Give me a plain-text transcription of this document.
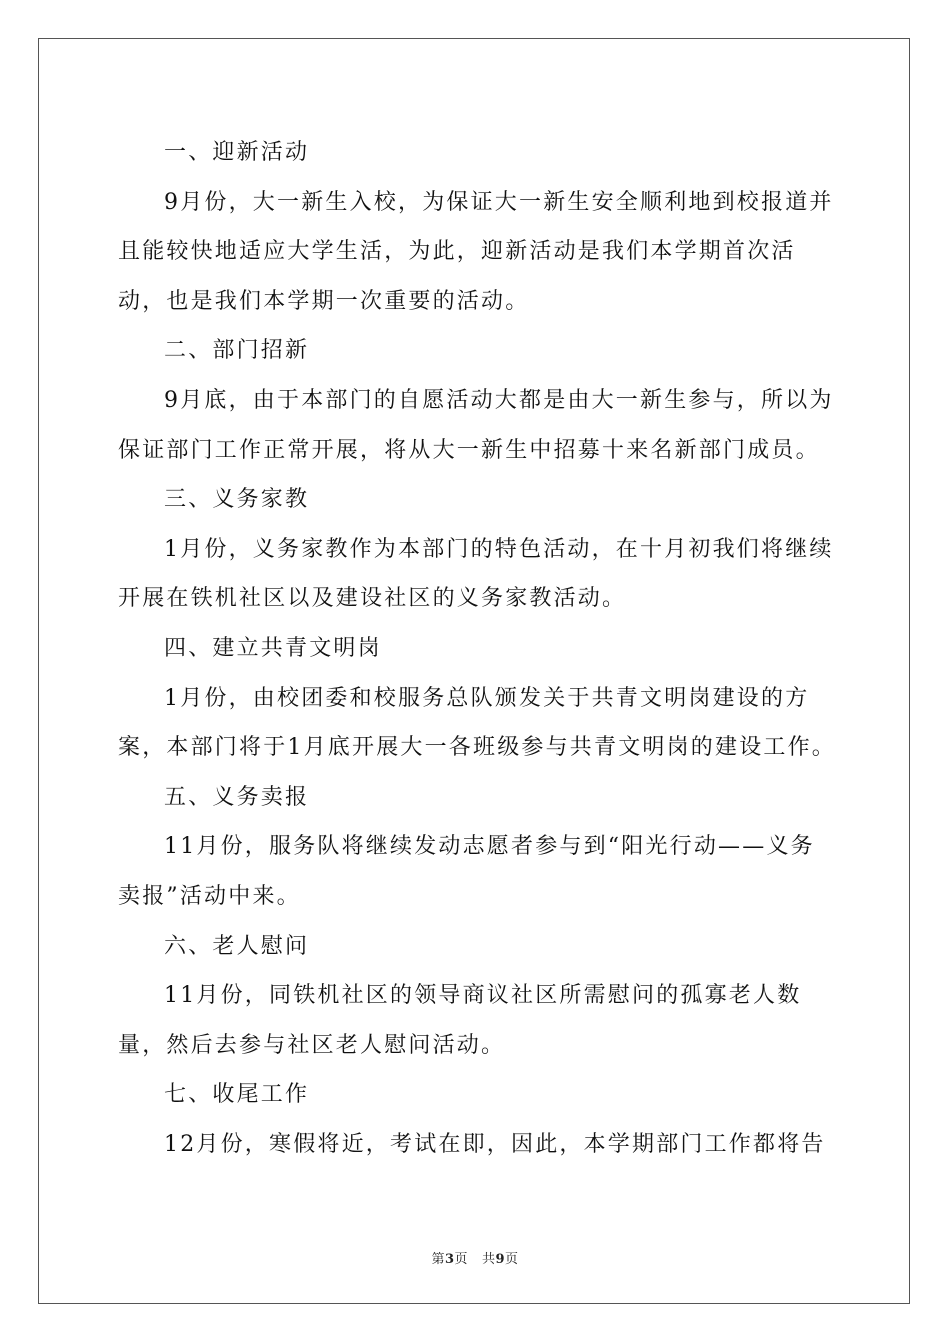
一、迎新活动

9月份，大一新生入校，为保证大一新生安全顺利地到校报道并且能较快地适应大学生活，为此，迎新活动是我们本学期首次活动，也是我们本学期一次重要的活动。

二、部门招新

9月底，由于本部门的自愿活动大都是由大一新生参与，所以为保证部门工作正常开展，将从大一新生中招募十来名新部门成员。

三、义务家教

1月份，义务家教作为本部门的特色活动，在十月初我们将继续开展在铁机社区以及建设社区的义务家教活动。

四、建立共青文明岗

1月份，由校团委和校服务总队颁发关于共青文明岗建设的方案，本部门将于1月底开展大一各班级参与共青文明岗的建设工作。

五、义务卖报

11月份，服务队将继续发动志愿者参与到“阳光行动——义务卖报”活动中来。

六、老人慰问

11月份，同铁机社区的领导商议社区所需慰问的孤寡老人数量，然后去参与社区老人慰问活动。

七、收尾工作

12月份，寒假将近，考试在即，因此，本学期部门工作都将告

第3页 共9页
